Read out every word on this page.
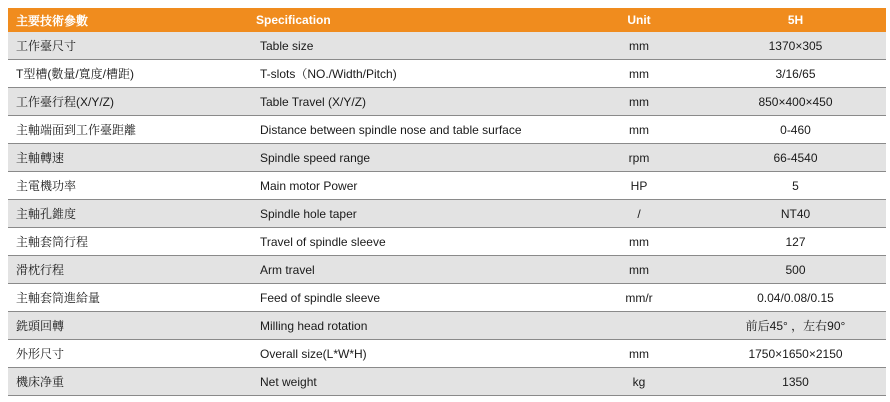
主要技術參數	Specification	Unit	5H
工作臺尺寸	Table size	mm	1370×305
T型槽(數量/寬度/槽距)	T-slots（NO./Width/Pitch)	mm	3/16/65
工作臺行程(X/Y/Z)	Table Travel (X/Y/Z)	mm	850×400×450
主軸端面到工作臺距離	Distance between spindle nose and table surface	mm	0-460
主軸轉速	Spindle speed range	rpm	66-4540
主電機功率	Main motor Power	HP	5
主軸孔錐度	Spindle hole taper	/	NT40
主軸套筒行程	Travel of spindle sleeve	mm	127
滑枕行程	Arm travel	mm	500
主軸套筒進給量	Feed of spindle sleeve	mm/r	0.04/0.08/0.15
銑頭回轉	Milling head rotation		前后45° ，左右90°
外形尺寸	Overall size(L*W*H)	mm	1750×1650×2150
機床净重	Net weight	kg	1350
